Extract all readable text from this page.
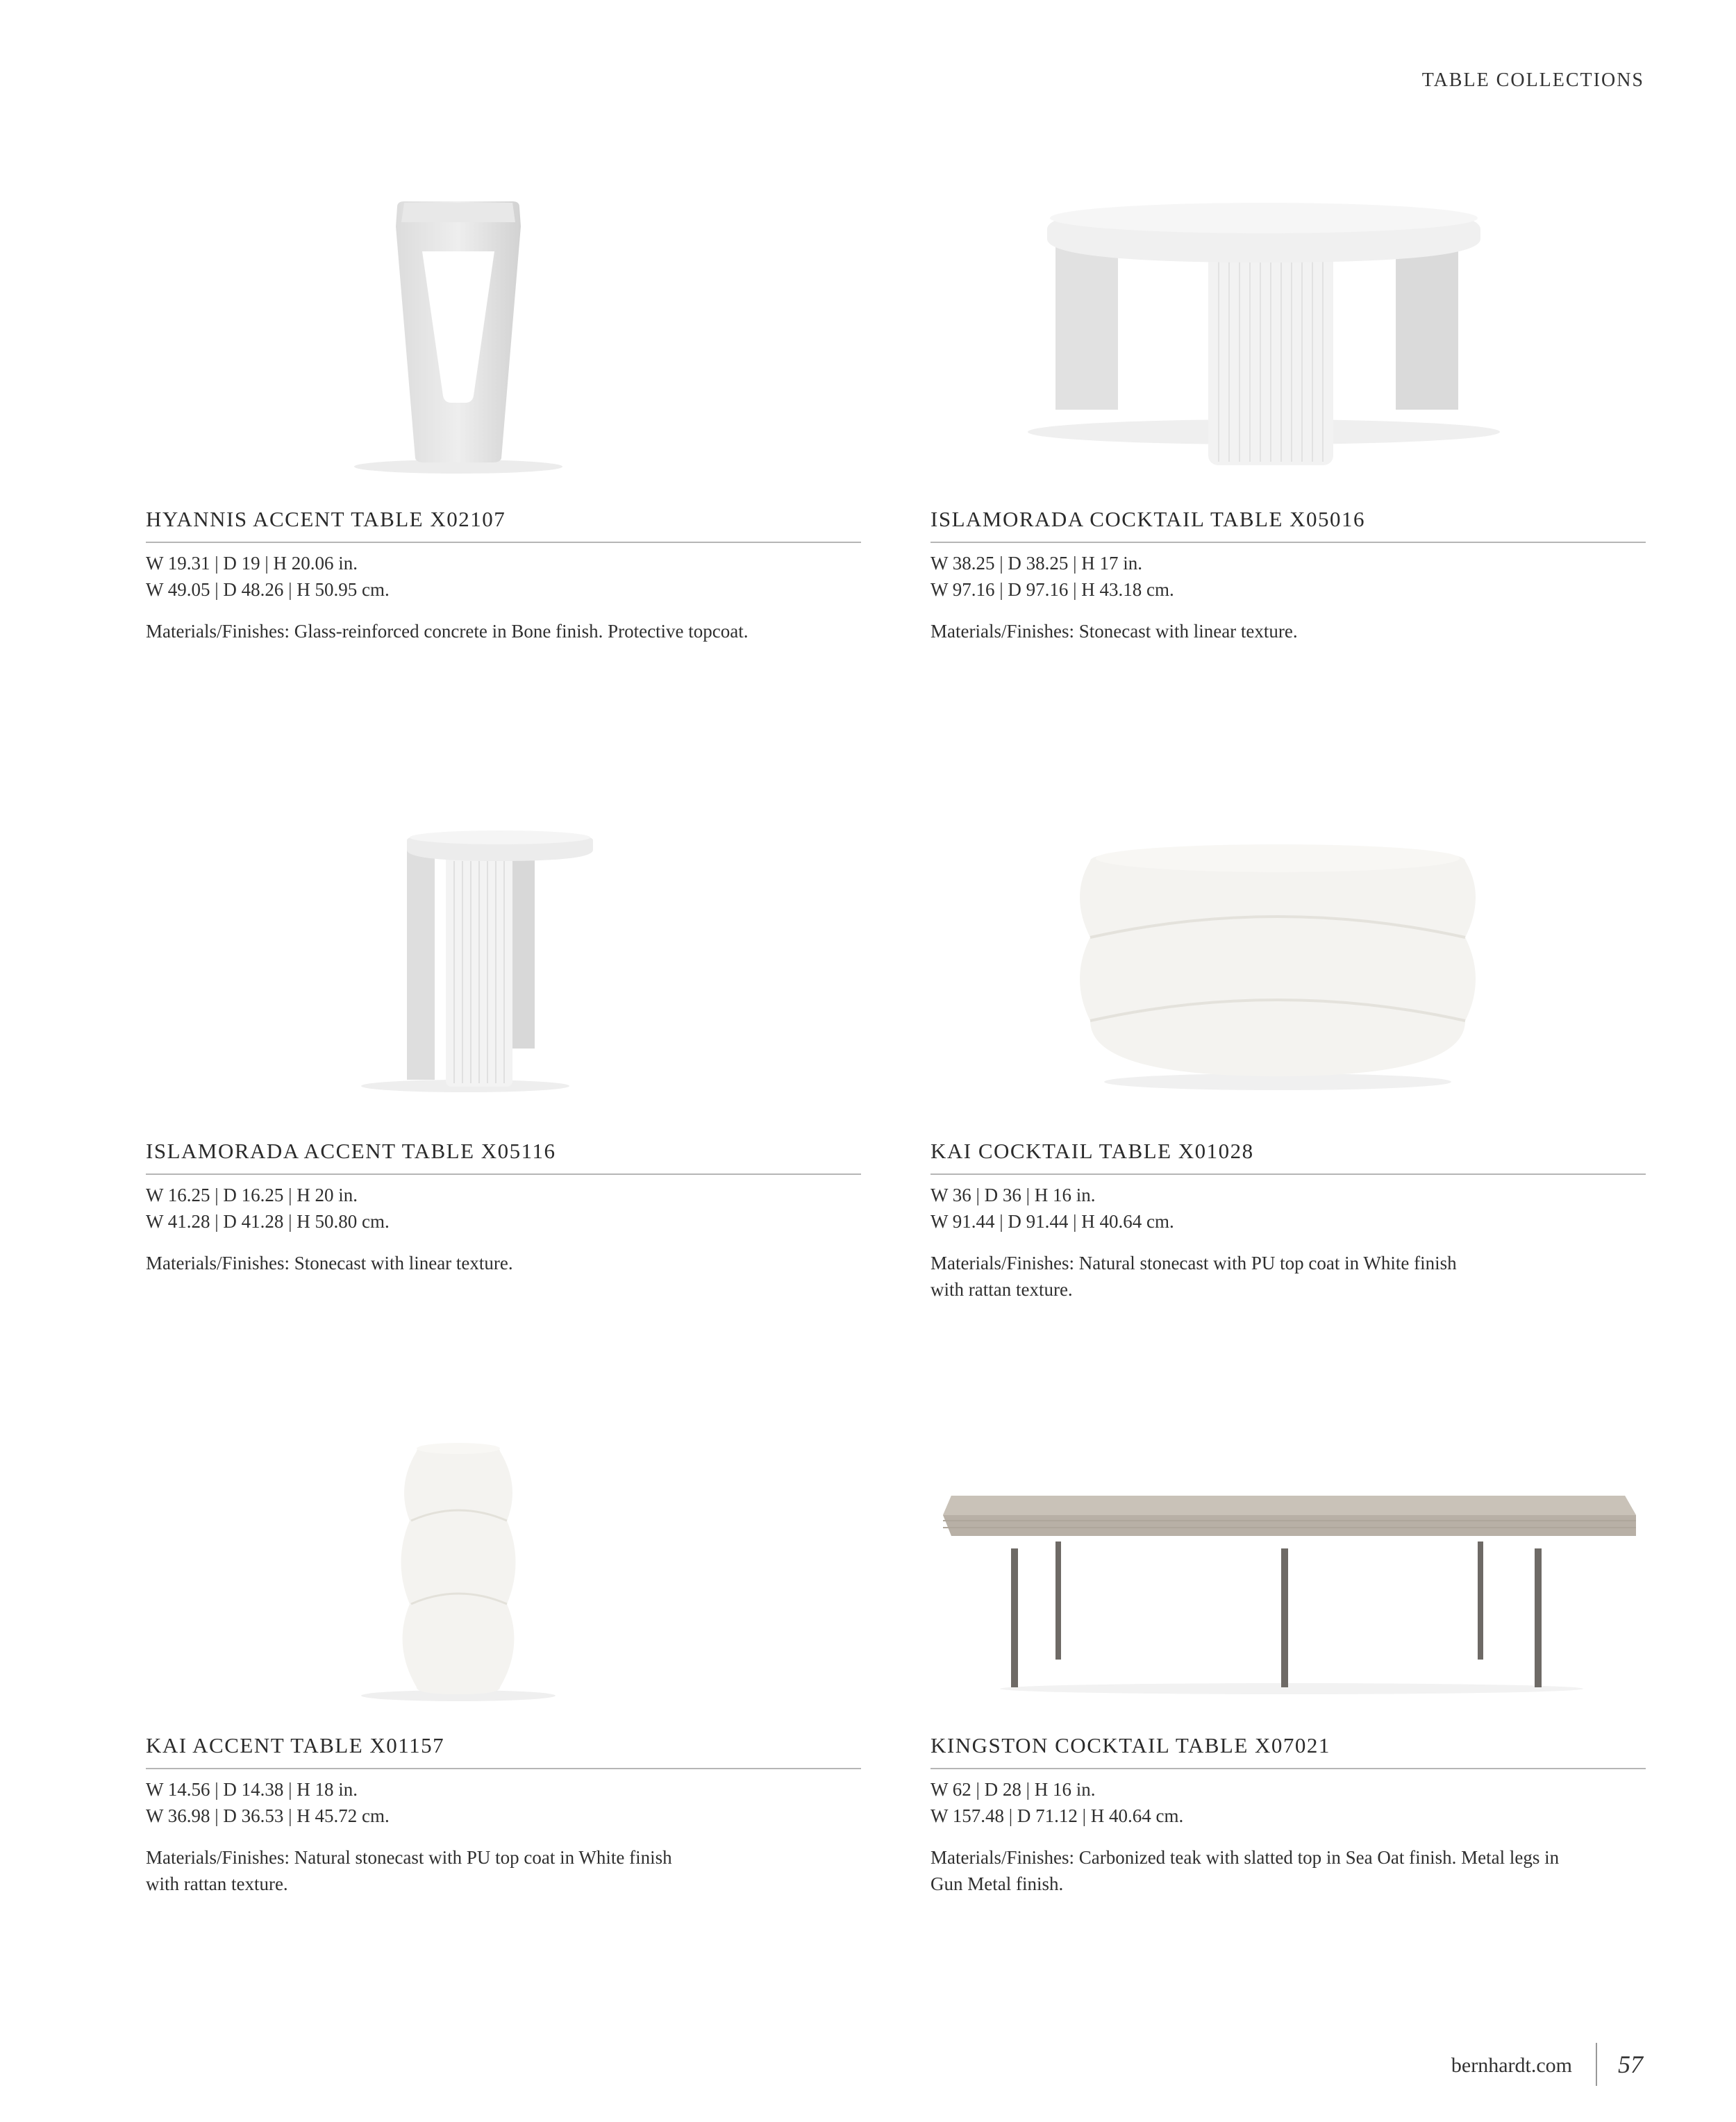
TABLE COLLECTIONS
HYANNIS ACCENT TABLE X02107
W 19.31 | D 19 | H 20.06 in.
W 49.05 | D 48.26 | H 50.95 cm.
Materials/Finishes: Glass-reinforced concrete in Bone finish. Protective topcoat.
ISLAMORADA COCKTAIL TABLE X05016
W 38.25 | D 38.25 | H 17 in.
W 97.16 | D 97.16 | H 43.18 cm.
Materials/Finishes: Stonecast with linear texture.
ISLAMORADA ACCENT TABLE X05116
W 16.25 | D 16.25 | H 20 in.
W 41.28 | D 41.28 | H 50.80 cm.
Materials/Finishes: Stonecast with linear texture.
KAI COCKTAIL TABLE X01028
W 36 | D 36 | H 16 in.
W 91.44 | D 91.44 | H 40.64 cm.
Materials/Finishes: Natural stonecast with PU top coat in White finish
with rattan texture.
KAI ACCENT TABLE X01157
W 14.56 | D 14.38 | H 18 in.
W 36.98 | D 36.53 | H 45.72 cm.
Materials/Finishes: Natural stonecast with PU top coat in White finish
with rattan texture.
KINGSTON COCKTAIL TABLE X07021
W 62 | D 28 | H 16 in.
W 157.48 | D 71.12 | H 40.64 cm.
Materials/Finishes: Carbonized teak with slatted top in Sea Oat finish. Metal legs in
Gun Metal finish.
bernhardt.com 57
